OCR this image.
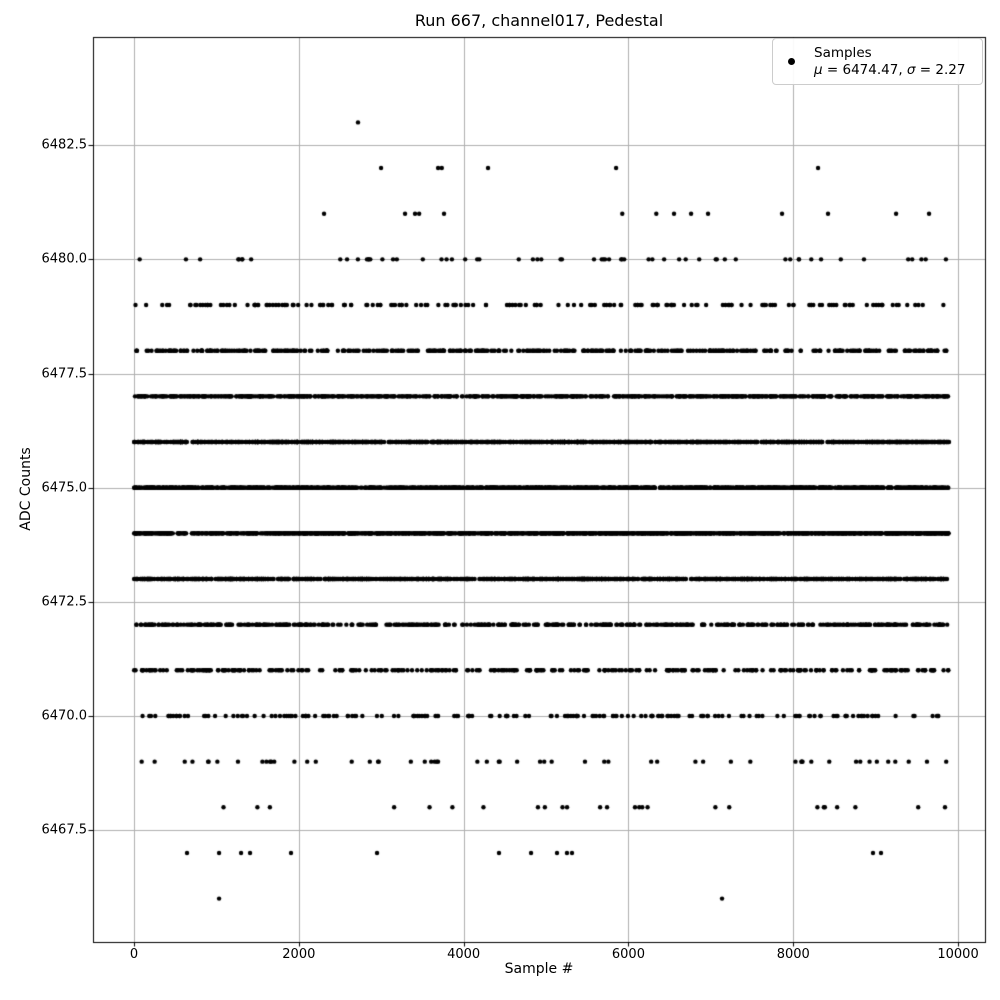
Run 667, channel017, Pedestal
Sample #
ADC Counts
0	2000	4000	6000	8000	10000
6467.5
6470.0
6472.5
6475.0
6477.5
6480.0
6482.5
Samples
μ = 6474.47, σ = 2.27
